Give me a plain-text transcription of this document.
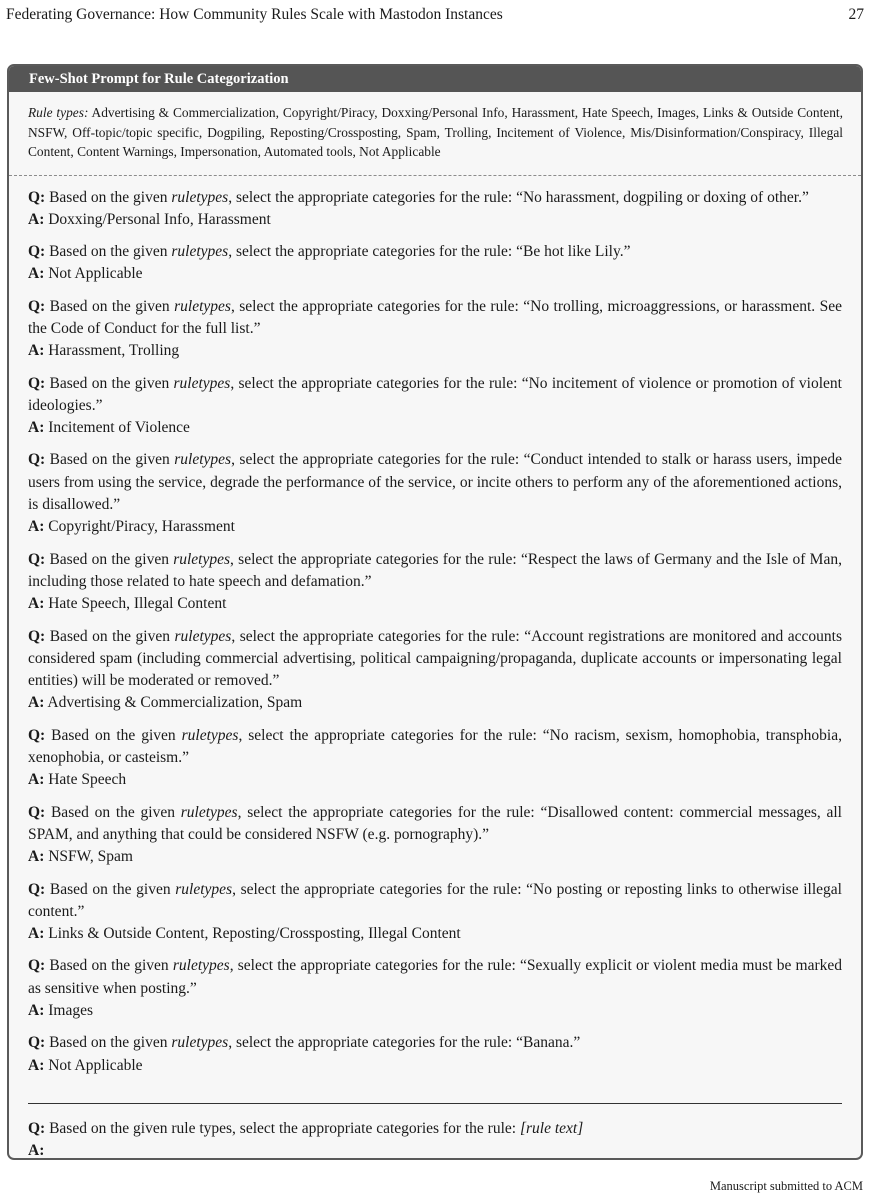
Federating Governance: How Community Rules Scale with Mastodon Instances	27
Few-Shot Prompt for Rule Categorization
Rule types: Advertising & Commercialization, Copyright/Piracy, Doxxing/Personal Info, Harassment, Hate Speech, Images, Links & Outside Content, NSFW, Off-topic/topic specific, Dogpiling, Reposting/Crossposting, Spam, Trolling, Incitement of Violence, Mis/Disinformation/Conspiracy, Illegal Content, Content Warnings, Impersonation, Automated tools, Not Applicable
Q: Based on the given ruletypes, select the appropriate categories for the rule: “No harassment, dogpiling or doxing of other.”
A: Doxxing/Personal Info, Harassment
Q: Based on the given ruletypes, select the appropriate categories for the rule: “Be hot like Lily.”
A: Not Applicable
Q: Based on the given ruletypes, select the appropriate categories for the rule: “No trolling, microaggressions, or harassment. See the Code of Conduct for the full list.”
A: Harassment, Trolling
Q: Based on the given ruletypes, select the appropriate categories for the rule: “No incitement of violence or promotion of violent ideologies.”
A: Incitement of Violence
Q: Based on the given ruletypes, select the appropriate categories for the rule: “Conduct intended to stalk or harass users, impede users from using the service, degrade the performance of the service, or incite others to perform any of the aforementioned actions, is disallowed.”
A: Copyright/Piracy, Harassment
Q: Based on the given ruletypes, select the appropriate categories for the rule: “Respect the laws of Germany and the Isle of Man, including those related to hate speech and defamation.”
A: Hate Speech, Illegal Content
Q: Based on the given ruletypes, select the appropriate categories for the rule: “Account registrations are monitored and accounts considered spam (including commercial advertising, political campaigning/propaganda, duplicate accounts or impersonating legal entities) will be moderated or removed.”
A: Advertising & Commercialization, Spam
Q: Based on the given ruletypes, select the appropriate categories for the rule: “No racism, sexism, homophobia, transphobia, xenophobia, or casteism.”
A: Hate Speech
Q: Based on the given ruletypes, select the appropriate categories for the rule: “Disallowed content: commercial messages, all SPAM, and anything that could be considered NSFW (e.g. pornography).”
A: NSFW, Spam
Q: Based on the given ruletypes, select the appropriate categories for the rule: “No posting or reposting links to otherwise illegal content.”
A: Links & Outside Content, Reposting/Crossposting, Illegal Content
Q: Based on the given ruletypes, select the appropriate categories for the rule: “Sexually explicit or violent media must be marked as sensitive when posting.”
A: Images
Q: Based on the given ruletypes, select the appropriate categories for the rule: “Banana.”
A: Not Applicable
Q: Based on the given rule types, select the appropriate categories for the rule: [rule text]
A:
Manuscript submitted to ACM
